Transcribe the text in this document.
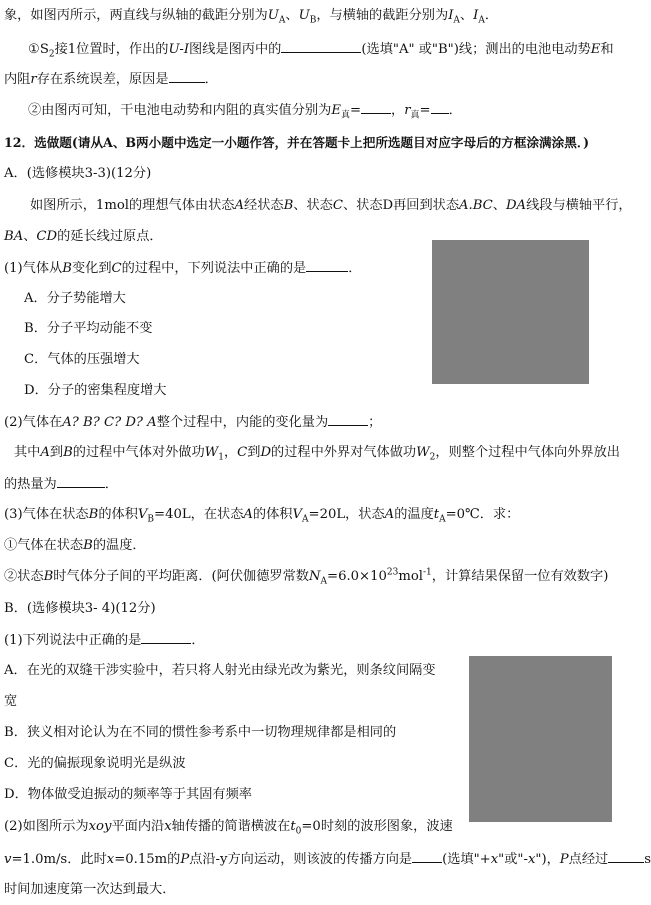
象，如图丙所示，两直线与纵轴的截距分别为$U_A$、$U_B$，与横轴的截距分别为$I_A$、$I_A$．
$①S_2$接1位置时，作出的U-I图线是图丙中的	(选填"A" 或"B")线；测出的电池电动势E和
内阻r存在系统误差，原因是	．
②由图丙可知，干电池电动势和内阻的真实值分别为$E_真=$ ，$r_真=$ ．
12．选做题(请从A、B两小题中选定一小题作答，并在答题卡上把所选题目对应字母后的方框涂满涂黑．)
A．(选修模块3-3)(12分)
如图所示，1mol的理想气体由状态A经状态B、状态C、状态D再回到状态A.BC、DA线段与横轴平行，
BA、CD的延长线过原点．
(1)气体从B变化到C的过程中，下列说法中正确的是	．
A．分子势能增大
B．分子平均动能不变
C．气体的压强增大
D．分子的密集程度增大
(2)气体在A? B? C? D? A整个过程中，内能的变化量为	；
其中A到B的过程中气体对外做功$W_1$，C到D的过程中外界对气体做功$W_2$，则整个过程中气体向外界放出
的热量为	．
(3)气体在状态B的体积$V_B=40L$，在状态A的体积$V_A=20L$，状态A的温度$t_A=0℃$．求：
①气体在状态B的温度．
②状态B时气体分子间的平均距离．(阿伏伽德罗常数$N_A=6.0\times 10^{23}mol^{-1}$，计算结果保留一位有效数字)
B．(选修模块3- 4)(12分)
(1)下列说法中正确的是	．
A．在光的双缝干涉实验中，若只将人射光由绿光改为紫光，则条纹间隔变
宽
B．狭义相对论认为在不同的惯性参考系中一切物理规律都是相同的
C．光的偏振现象说明光是纵波
D．物体做受迫振动的频率等于其固有频率
(2)如图所示为xoy平面内沿x轴传播的简谐横波在$t_0=0$时刻的波形图象，波速
v=1.0m/s．此时x=0.15m的P点沿-y方向运动，则该波的传播方向是 (选填"+x"或"-x")，P点经过	s
时间加速度第一次达到最大．
